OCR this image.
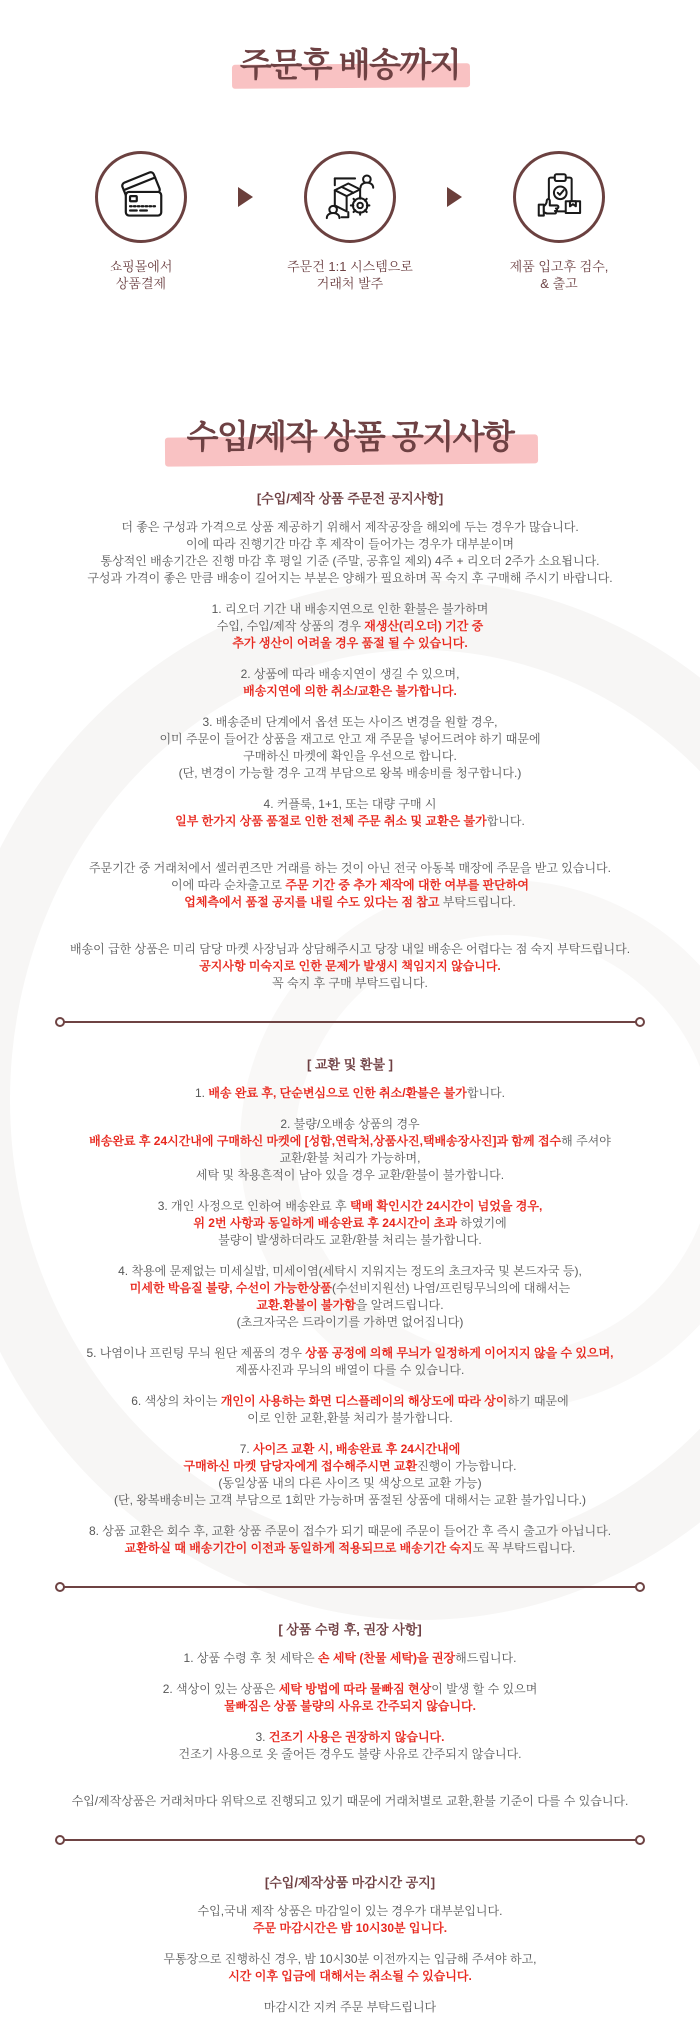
주문후 배송까지
쇼핑몰에서
상품결제
주문건 1:1 시스템으로
거래처 발주
제품 입고후 검수,
& 출고
수입/제작 상품 공지사항
[수입/제작 상품 주문전 공지사항]
더 좋은 구성과 가격으로 상품 제공하기 위해서 제작공장을 해외에 두는 경우가 많습니다.
이에 따라 진행기간 마감 후 제작이 들어가는 경우가 대부분이며
통상적인 배송기간은 진행 마감 후 평일 기준 (주말, 공휴일 제외) 4주 + 리오더 2주가 소요됩니다.
구성과 가격이 좋은 만큼 배송이 길어지는 부분은 양해가 필요하며 꼭 숙지 후 구매해 주시기 바랍니다.
1. 리오더 기간 내 배송지연으로 인한 환불은 불가하며
수입, 수입/제작 상품의 경우 재생산(리오더) 기간 중
추가 생산이 어려울 경우 품절 될 수 있습니다.
2. 상품에 따라 배송지연이 생길 수 있으며,
배송지연에 의한 취소/교환은 불가합니다.
3. 배송준비 단계에서 옵션 또는 사이즈 변경을 원할 경우,
이미 주문이 들어간 상품을 재고로 안고 재 주문을 넣어드려야 하기 때문에
구매하신 마켓에 확인을 우선으로 합니다.
(단, 변경이 가능할 경우 고객 부담으로 왕복 배송비를 청구합니다.)
4. 커플룩, 1+1, 또는 대량 구매 시
일부 한가지 상품 품절로 인한 전체 주문 취소 및 교환은 불가합니다.
주문기간 중 거래처에서 셀러퀸즈만 거래를 하는 것이 아닌 전국 아동복 매장에 주문을 받고 있습니다.
이에 따라 순차출고로 주문 기간 중 추가 제작에 대한 여부를 판단하여
업체측에서 품절 공지를 내릴 수도 있다는 점 참고 부탁드립니다.
배송이 급한 상품은 미리 담당 마켓 사장님과 상담해주시고 당장 내일 배송은 어렵다는 점 숙지 부탁드립니다.
공지사항 미숙지로 인한 문제가 발생시 책임지지 않습니다.
꼭 숙지 후 구매 부탁드립니다.
[ 교환 및 환불 ]
1. 배송 완료 후, 단순변심으로 인한 취소/환불은 불가합니다.
2. 불량/오배송 상품의 경우
배송완료 후 24시간내에 구매하신 마켓에 [성함,연락처,상품사진,택배송장사진]과 함께 접수해 주셔야
교환/환불 처리가 가능하며,
세탁 및 착용흔적이 남아 있을 경우 교환/환불이 불가합니다.
3. 개인 사정으로 인하여 배송완료 후 택배 확인시간 24시간이 넘었을 경우,
위 2번 사항과 동일하게 배송완료 후 24시간이 초과 하였기에
불량이 발생하더라도 교환/환불 처리는 불가합니다.
4. 착용에 문제없는 미세실밥, 미세이염(세탁시 지워지는 정도의 초크자국 및 본드자국 등),
미세한 박음질 불량, 수선이 가능한상품(수선비지원선) 나염/프린팅무늬의에 대해서는
교환.환불이 불가함을 알려드립니다.
(초크자국은 드라이기를 가하면 없어집니다)
5. 나염이나 프린팅 무늬 원단 제품의 경우 상품 공정에 의해 무늬가 일정하게 이어지지 않을 수 있으며,
제품사진과 무늬의 배열이 다를 수 있습니다.
6. 색상의 차이는 개인이 사용하는 화면 디스플레이의 해상도에 따라 상이하기 때문에
이로 인한 교환,환불 처리가 불가합니다.
7. 사이즈 교환 시, 배송완료 후 24시간내에
구매하신 마켓 담당자에게 접수해주시면 교환진행이 가능합니다.
(동일상품 내의 다른 사이즈 및 색상으로 교환 가능)
(단, 왕복배송비는 고객 부담으로 1회만 가능하며 품절된 상품에 대해서는 교환 불가입니다.)
8. 상품 교환은 회수 후, 교환 상품 주문이 접수가 되기 때문에 주문이 들어간 후 즉시 출고가 아닙니다.
교환하실 때 배송기간이 이전과 동일하게 적용되므로 배송기간 숙지도 꼭 부탁드립니다.
[ 상품 수령 후, 권장 사항]
1. 상품 수령 후 첫 세탁은 손 세탁 (찬물 세탁)을 권장해드립니다.
2. 색상이 있는 상품은 세탁 방법에 따라 물빠짐 현상이 발생 할 수 있으며
물빠짐은 상품 불량의 사유로 간주되지 않습니다.
3. 건조기 사용은 권장하지 않습니다.
건조기 사용으로 옷 줄어든 경우도 불량 사유로 간주되지 않습니다.
수입/제작상품은 거래처마다 위탁으로 진행되고 있기 때문에 거래처별로 교환,환불 기준이 다를 수 있습니다.
[수입/제작상품 마감시간 공지]
수입,국내 제작 상품은 마감일이 있는 경우가 대부분입니다.
주문 마감시간은 밤 10시30분 입니다.
무통장으로 진행하신 경우, 밤 10시30분 이전까지는 입금해 주셔야 하고,
시간 이후 입금에 대해서는 취소될 수 있습니다.
마감시간 지켜 주문 부탁드립니다
